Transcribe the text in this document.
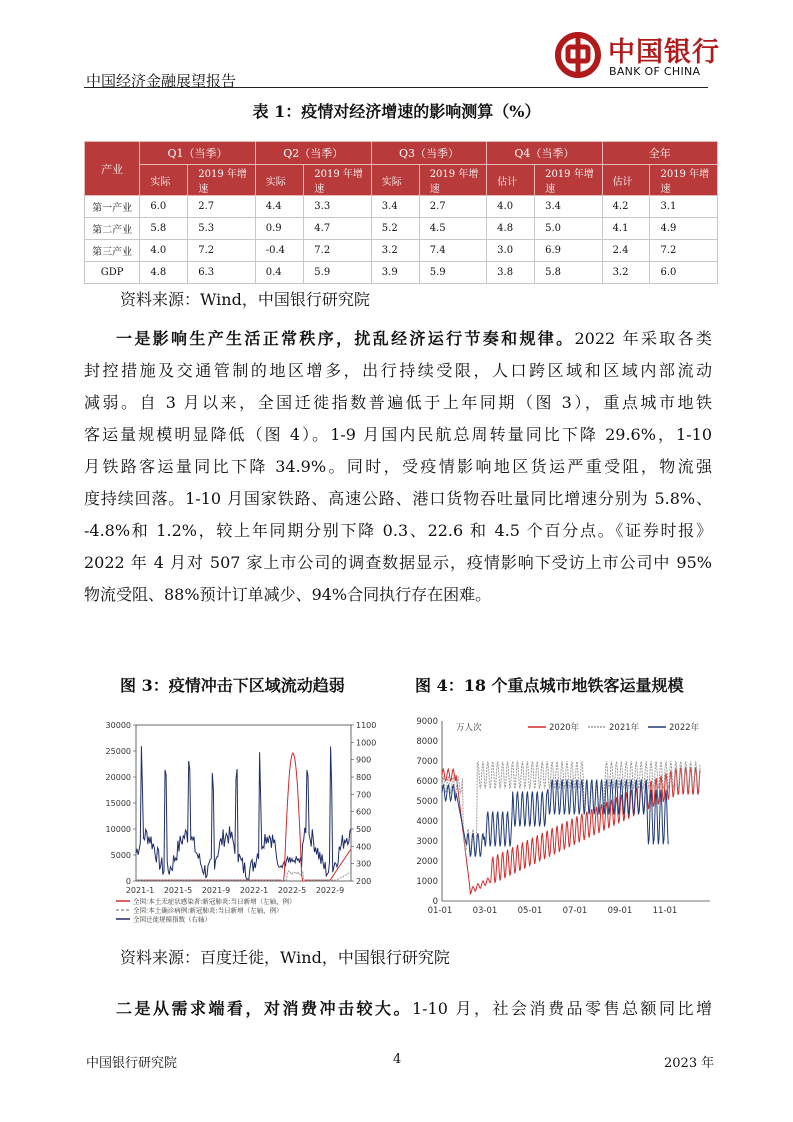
中国经济金融展望报告
中国银行
BANK OF CHINA
表 1：疫情对经济增速的影响测算（%）
产业	Q1（当季）		Q2（当季）		Q3（当季）		Q4（当季）		全年	
	实际	2019 年增速	实际	2019 年增速	实际	2019 年增速	估计	2019 年增速	估计	2019 年增速
第一产业	6.0	2.7	4.4	3.3	3.4	2.7	4.0	3.4	4.2	3.1
第二产业	5.8	5.3	0.9	4.7	5.2	4.5	4.8	5.0	4.1	4.9
第三产业	4.0	7.2	-0.4	7.2	3.2	7.4	3.0	6.9	2.4	7.2
GDP	4.8	6.3	0.4	5.9	3.9	5.9	3.8	5.8	3.2	6.0
资料来源：Wind，中国银行研究院
一是影响生产生活正常秩序，扰乱经济运行节奏和规律。2022 年采取各类
封控措施及交通管制的地区增多，出行持续受限，人口跨区域和区域内部流动
减弱。自 3 月以来，全国迁徙指数普遍低于上年同期（图 3），重点城市地铁
客运量规模明显降低（图 4）。1-9 月国内民航总周转量同比下降 29.6%，1-10
月铁路客运量同比下降 34.9%。同时，受疫情影响地区货运严重受阻，物流强
度持续回落。1-10 月国家铁路、高速公路、港口货物吞吐量同比增速分别为 5.8%、
-4.8%和 1.2%，较上年同期分别下降 0.3、22.6 和 4.5 个百分点。《证券时报》
2022 年 4 月对 507 家上市公司的调查数据显示，疫情影响下受访上市公司中 95%
物流受阻、88%预计订单减少、94%合同执行存在困难。
图 3：疫情冲击下区域流动趋弱	图 4：18 个重点城市地铁客运量规模
30000
25000
20000
15000
10000
5000
0
1100
1000
900
800
700
600
500
400
300
200
2021-1 2021-5 2021-9 2022-1 2022-5 2022-9
全国:本土无症状感染者:新冠肺炎:当日新增（左轴，例）
全国:本土确诊病例:新冠肺炎:当日新增（左轴，例）
全国迁徙规模指数（右轴）
9000
8000
7000
6000
5000
4000
3000
2000
1000
0
01-01 03-01 05-01 07-01 09-01 11-01
万人次	2020年	2021年	2022年
资料来源：百度迁徙，Wind，中国银行研究院
二是从需求端看，对消费冲击较大。1-10 月，社会消费品零售总额同比增
中国银行研究院	4	2023 年
